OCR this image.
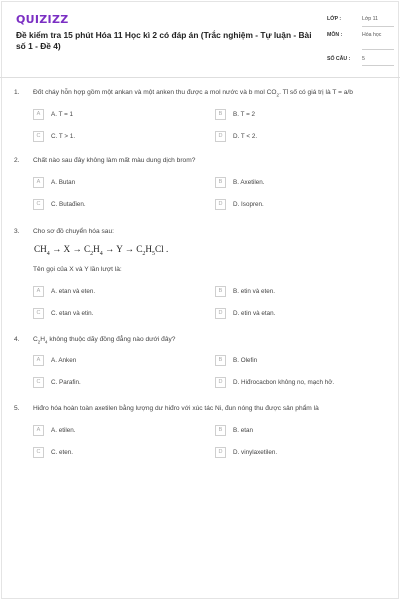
QUIZIZZ
Đề kiểm tra 15 phút Hóa 11 Học kì 2 có đáp án (Trắc nghiệm - Tự luận - Bài số 1 - Đề 4)
LỚP :	Lớp 11
MÔN :	Hóa học
SỐ CÂU : 5
1. Đốt cháy hỗn hợp gồm một ankan và một anken thu được a mol nước và b mol $CO_2$. Tỉ số có giá trị là T = a/b
A	A. T = 1	B	B. T = 2
C	C. T > 1.	D	D. T < 2.
2. Chất nào sau đây không làm mất màu dung dịch brom?
A	A. Butan	B	B. Axetilen.
C	C. Butađien.	D	D. Isopren.
3. Cho sơ đồ chuyển hóa sau:
$CH_4 \to X \to C_2H_4 \to Y \to C_2H_5Cl$ .
Tên gọi của X và Y lần lượt là:
A	A. etan và eten.	B	B. etin và eten.
C	C. etan và etin.	D	D. etin và etan.
4. $C_2H_4$ không thuộc dãy đồng đẳng nào dưới đây?
A	A. Anken	B	B. Olefin
C	C. Parafin.	D	D. Hiđrocacbon không no, mạch hở.
5. Hiđro hóa hoàn toàn axetilen bằng lượng dư hiđro với xúc tác Ni, đun nóng thu được sản phẩm là
A	A. etilen.	B	B. etan
C	C. eten.	D	D. vinylaxetilen.
